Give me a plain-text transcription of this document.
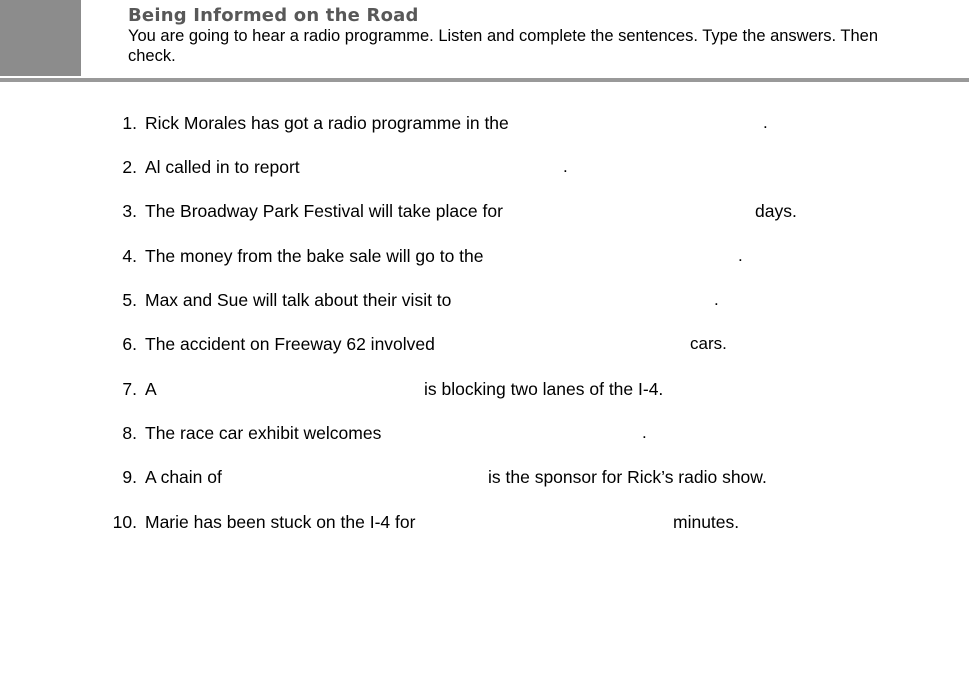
Being Informed on the Road
You are going to hear a radio programme. Listen and complete the sentences. Type the answers. Then check.
1. Rick Morales has got a radio programme in the	.
2. Al called in to report	.
3. The Broadway Park Festival will take place for	days.
4. The money from the bake sale will go to the	.
5. Max and Sue will talk about their visit to	.
6. The accident on Freeway 62 involved	cars.
7. A	is blocking two lanes of the I-4.
8. The race car exhibit welcomes	.
9. A chain of	is the sponsor for Rick’s radio show.
10. Marie has been stuck on the I-4 for	minutes.
